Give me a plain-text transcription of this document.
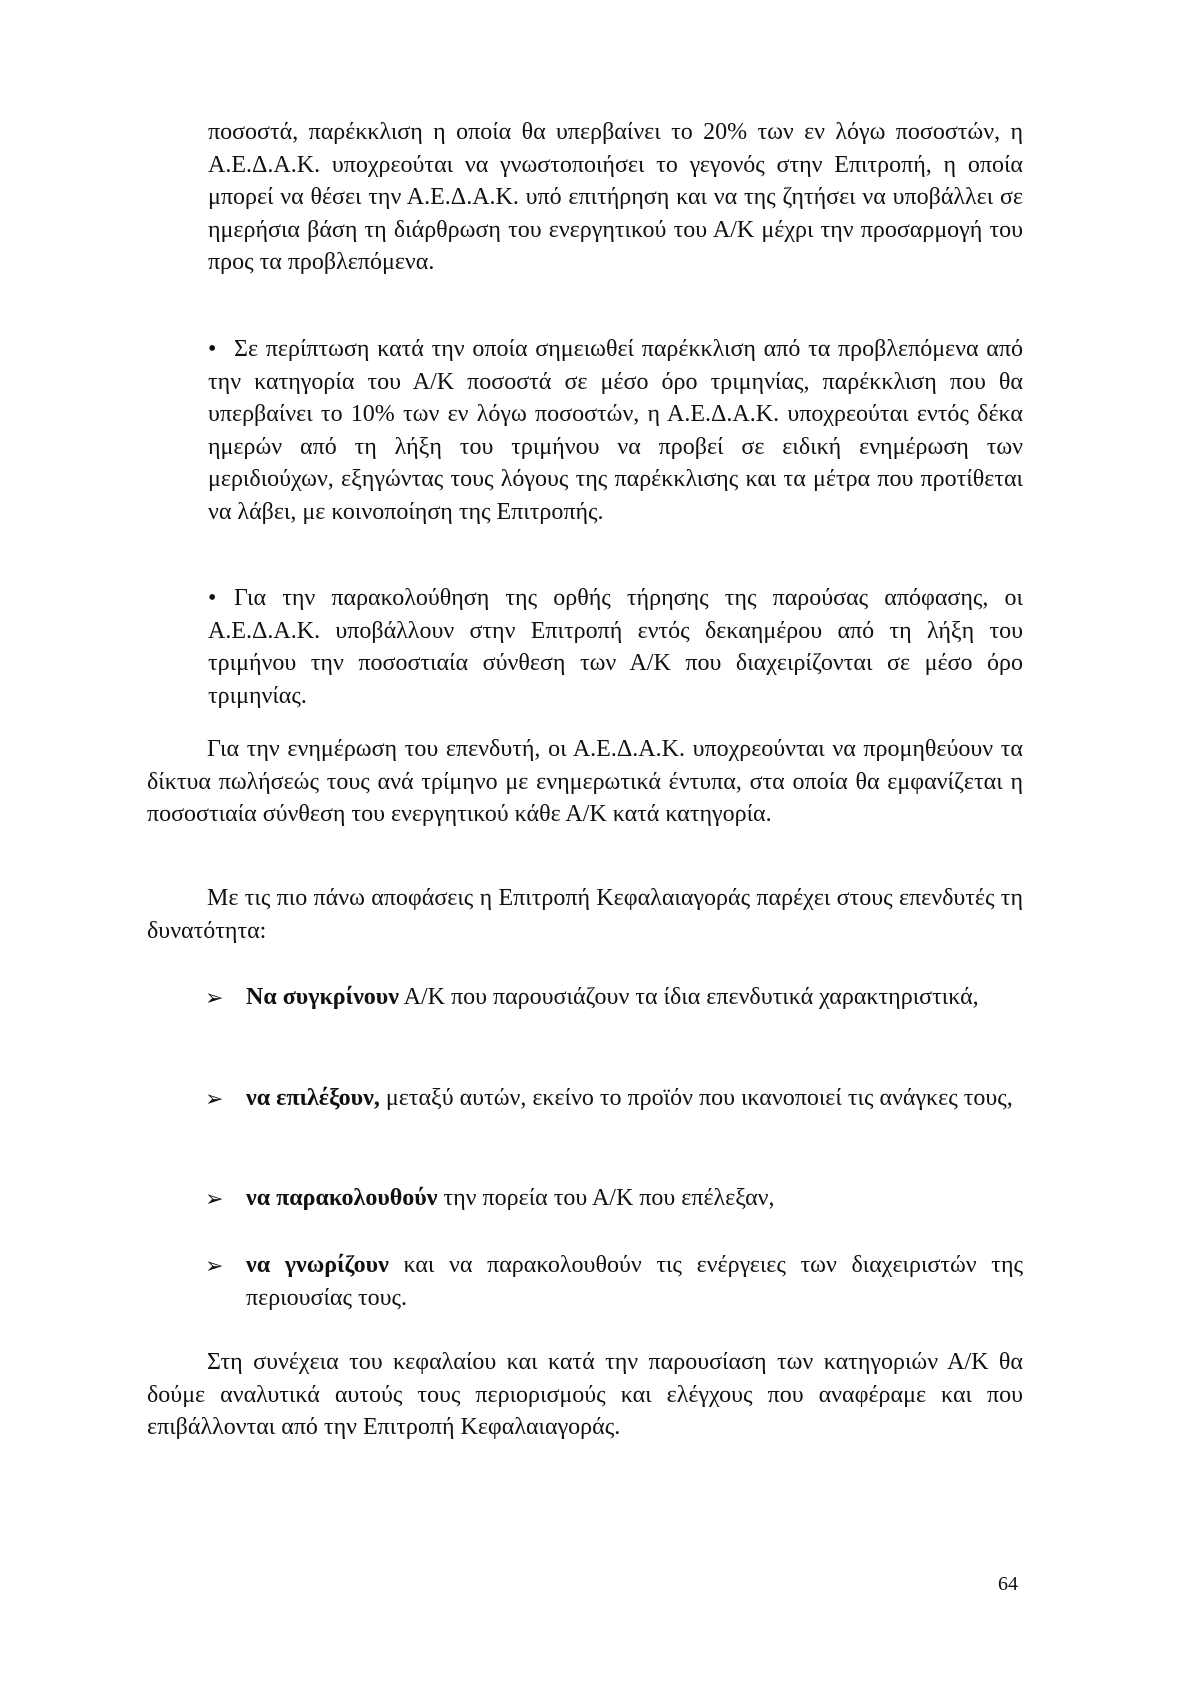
ποσοστά, παρέκκλιση η οποία θα υπερβαίνει το 20% των εν λόγω ποσοστών, η Α.Ε.Δ.Α.Κ. υποχρεούται να γνωστοποιήσει το γεγονός στην Επιτροπή, η οποία μπορεί να θέσει την Α.Ε.Δ.Α.Κ. υπό επιτήρηση και να της ζητήσει να υποβάλλει σε ημερήσια βάση τη διάρθρωση του ενεργητικού του Α/Κ μέχρι την προσαρμογή του προς τα προβλεπόμενα.

• Σε περίπτωση κατά την οποία σημειωθεί παρέκκλιση από τα προβλεπόμενα από την κατηγορία του Α/Κ ποσοστά σε μέσο όρο τριμηνίας, παρέκκλιση που θα υπερβαίνει το 10% των εν λόγω ποσοστών, η Α.Ε.Δ.Α.Κ. υποχρεούται εντός δέκα ημερών από τη λήξη του τριμήνου να προβεί σε ειδική ενημέρωση των μεριδιούχων, εξηγώντας τους λόγους της παρέκκλισης και τα μέτρα που προτίθεται να λάβει, με κοινοποίηση της Επιτροπής.

• Για την παρακολούθηση της ορθής τήρησης της παρούσας απόφασης, οι Α.Ε.Δ.Α.Κ. υποβάλλουν στην Επιτροπή εντός δεκαημέρου από τη λήξη του τριμήνου την ποσοστιαία σύνθεση των Α/Κ που διαχειρίζονται σε μέσο όρο τριμηνίας.

Για την ενημέρωση του επενδυτή, οι Α.Ε.Δ.Α.Κ. υποχρεούνται να προμηθεύουν τα δίκτυα πωλήσεώς τους ανά τρίμηνο με ενημερωτικά έντυπα, στα οποία θα εμφανίζεται η ποσοστιαία σύνθεση του ενεργητικού κάθε Α/Κ κατά κατηγορία.

Με τις πιο πάνω αποφάσεις η Επιτροπή Κεφαλαιαγοράς παρέχει στους επενδυτές τη δυνατότητα:

➢ Να συγκρίνουν Α/Κ που παρουσιάζουν τα ίδια επενδυτικά χαρακτηριστικά,
➢ να επιλέξουν, μεταξύ αυτών, εκείνο το προϊόν που ικανοποιεί τις ανάγκες τους,
➢ να παρακολουθούν την πορεία του Α/Κ που επέλεξαν,
➢ να γνωρίζουν και να παρακολουθούν τις ενέργειες των διαχειριστών της περιουσίας τους.

Στη συνέχεια του κεφαλαίου και κατά την παρουσίαση των κατηγοριών Α/Κ θα δούμε αναλυτικά αυτούς τους περιορισμούς και ελέγχους που αναφέραμε και που επιβάλλονται από την Επιτροπή Κεφαλαιαγοράς.

64
